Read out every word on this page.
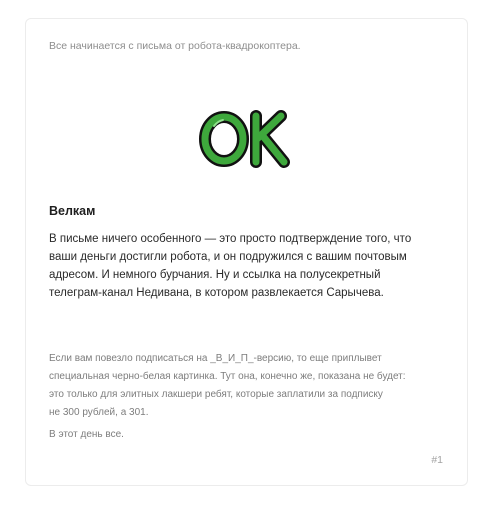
Все начинается с письма от робота-квадрокоптера.
OK
Велкам
В письме ничего особенного — это просто подтверждение того, что
ваши деньги достигли робота, и он подружился с вашим почтовым
адресом. И немного бурчания. Ну и ссылка на полусекретный
телеграм-канал Недивана, в котором развлекается Сарычева.
Если вам повезло подписаться на _В_И_П_-версию, то еще приплывет
специальная черно-белая картинка. Тут она, конечно же, показана не будет:
это только для элитных лакшери ребят, которые заплатили за подписку
не 300 рублей, а 301.
В этот день все.
#1
